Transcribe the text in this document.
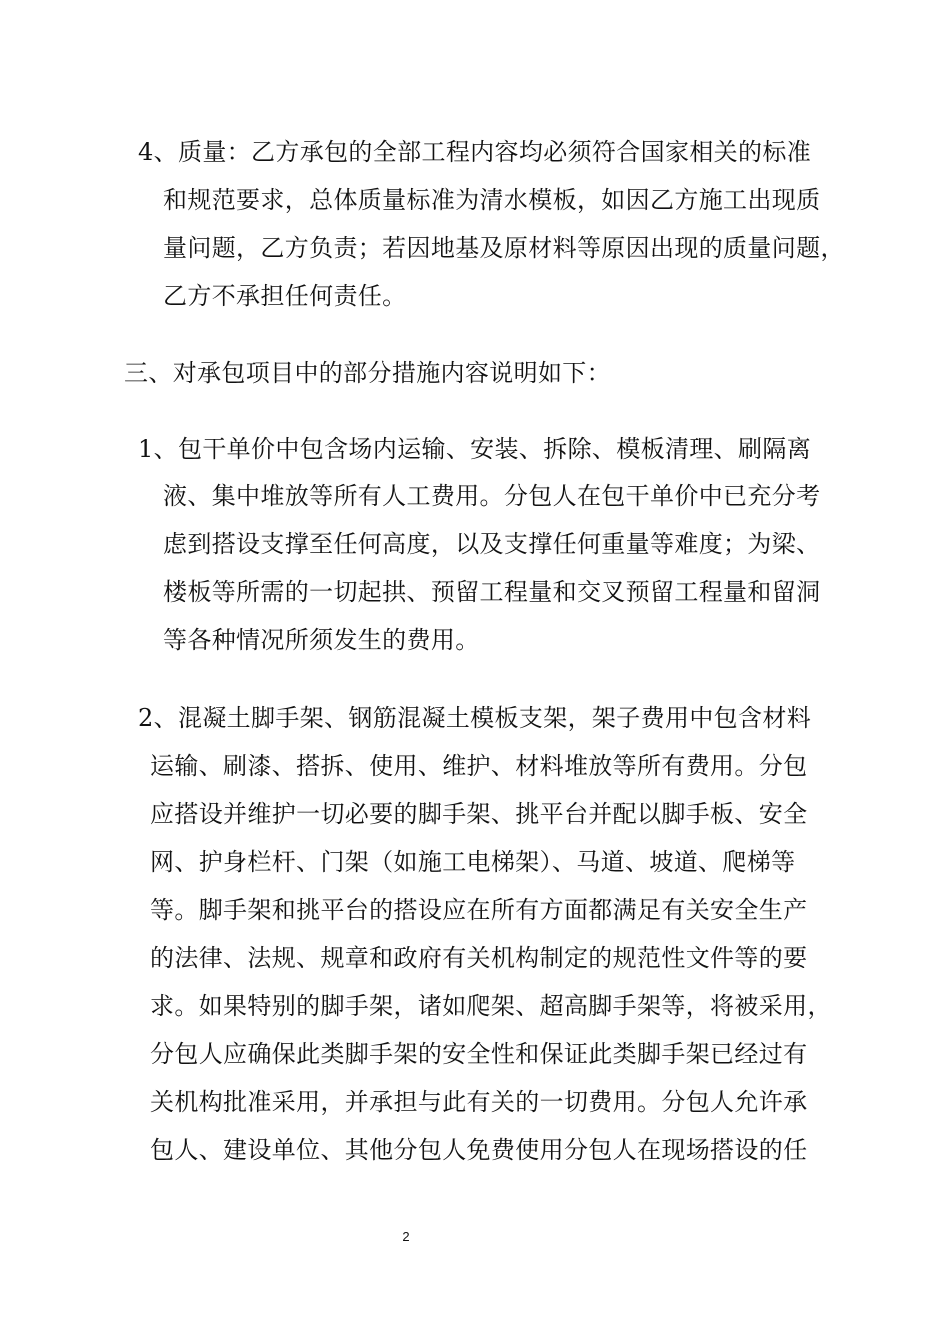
4、质量：乙方承包的全部工程内容均必须符合国家相关的标准
和规范要求，总体质量标准为清水模板，如因乙方施工出现质
量问题，乙方负责；若因地基及原材料等原因出现的质量问题，
乙方不承担任何责任。
三、对承包项目中的部分措施内容说明如下：
1、包干单价中包含场内运输、安装、拆除、模板清理、刷隔离
液、集中堆放等所有人工费用。分包人在包干单价中已充分考
虑到搭设支撑至任何高度，以及支撑任何重量等难度；为梁、
楼板等所需的一切起拱、预留工程量和交叉预留工程量和留洞
等各种情况所须发生的费用。
2、混凝土脚手架、钢筋混凝土模板支架，架子费用中包含材料
运输、刷漆、搭拆、使用、维护、材料堆放等所有费用。分包
应搭设并维护一切必要的脚手架、挑平台并配以脚手板、安全
网、护身栏杆、门架（如施工电梯架）、马道、坡道、爬梯等
等。脚手架和挑平台的搭设应在所有方面都满足有关安全生产
的法律、法规、规章和政府有关机构制定的规范性文件等的要
求。如果特别的脚手架，诸如爬架、超高脚手架等，将被采用，
分包人应确保此类脚手架的安全性和保证此类脚手架已经过有
关机构批准采用，并承担与此有关的一切费用。分包人允许承
包人、建设单位、其他分包人免费使用分包人在现场搭设的任
2
